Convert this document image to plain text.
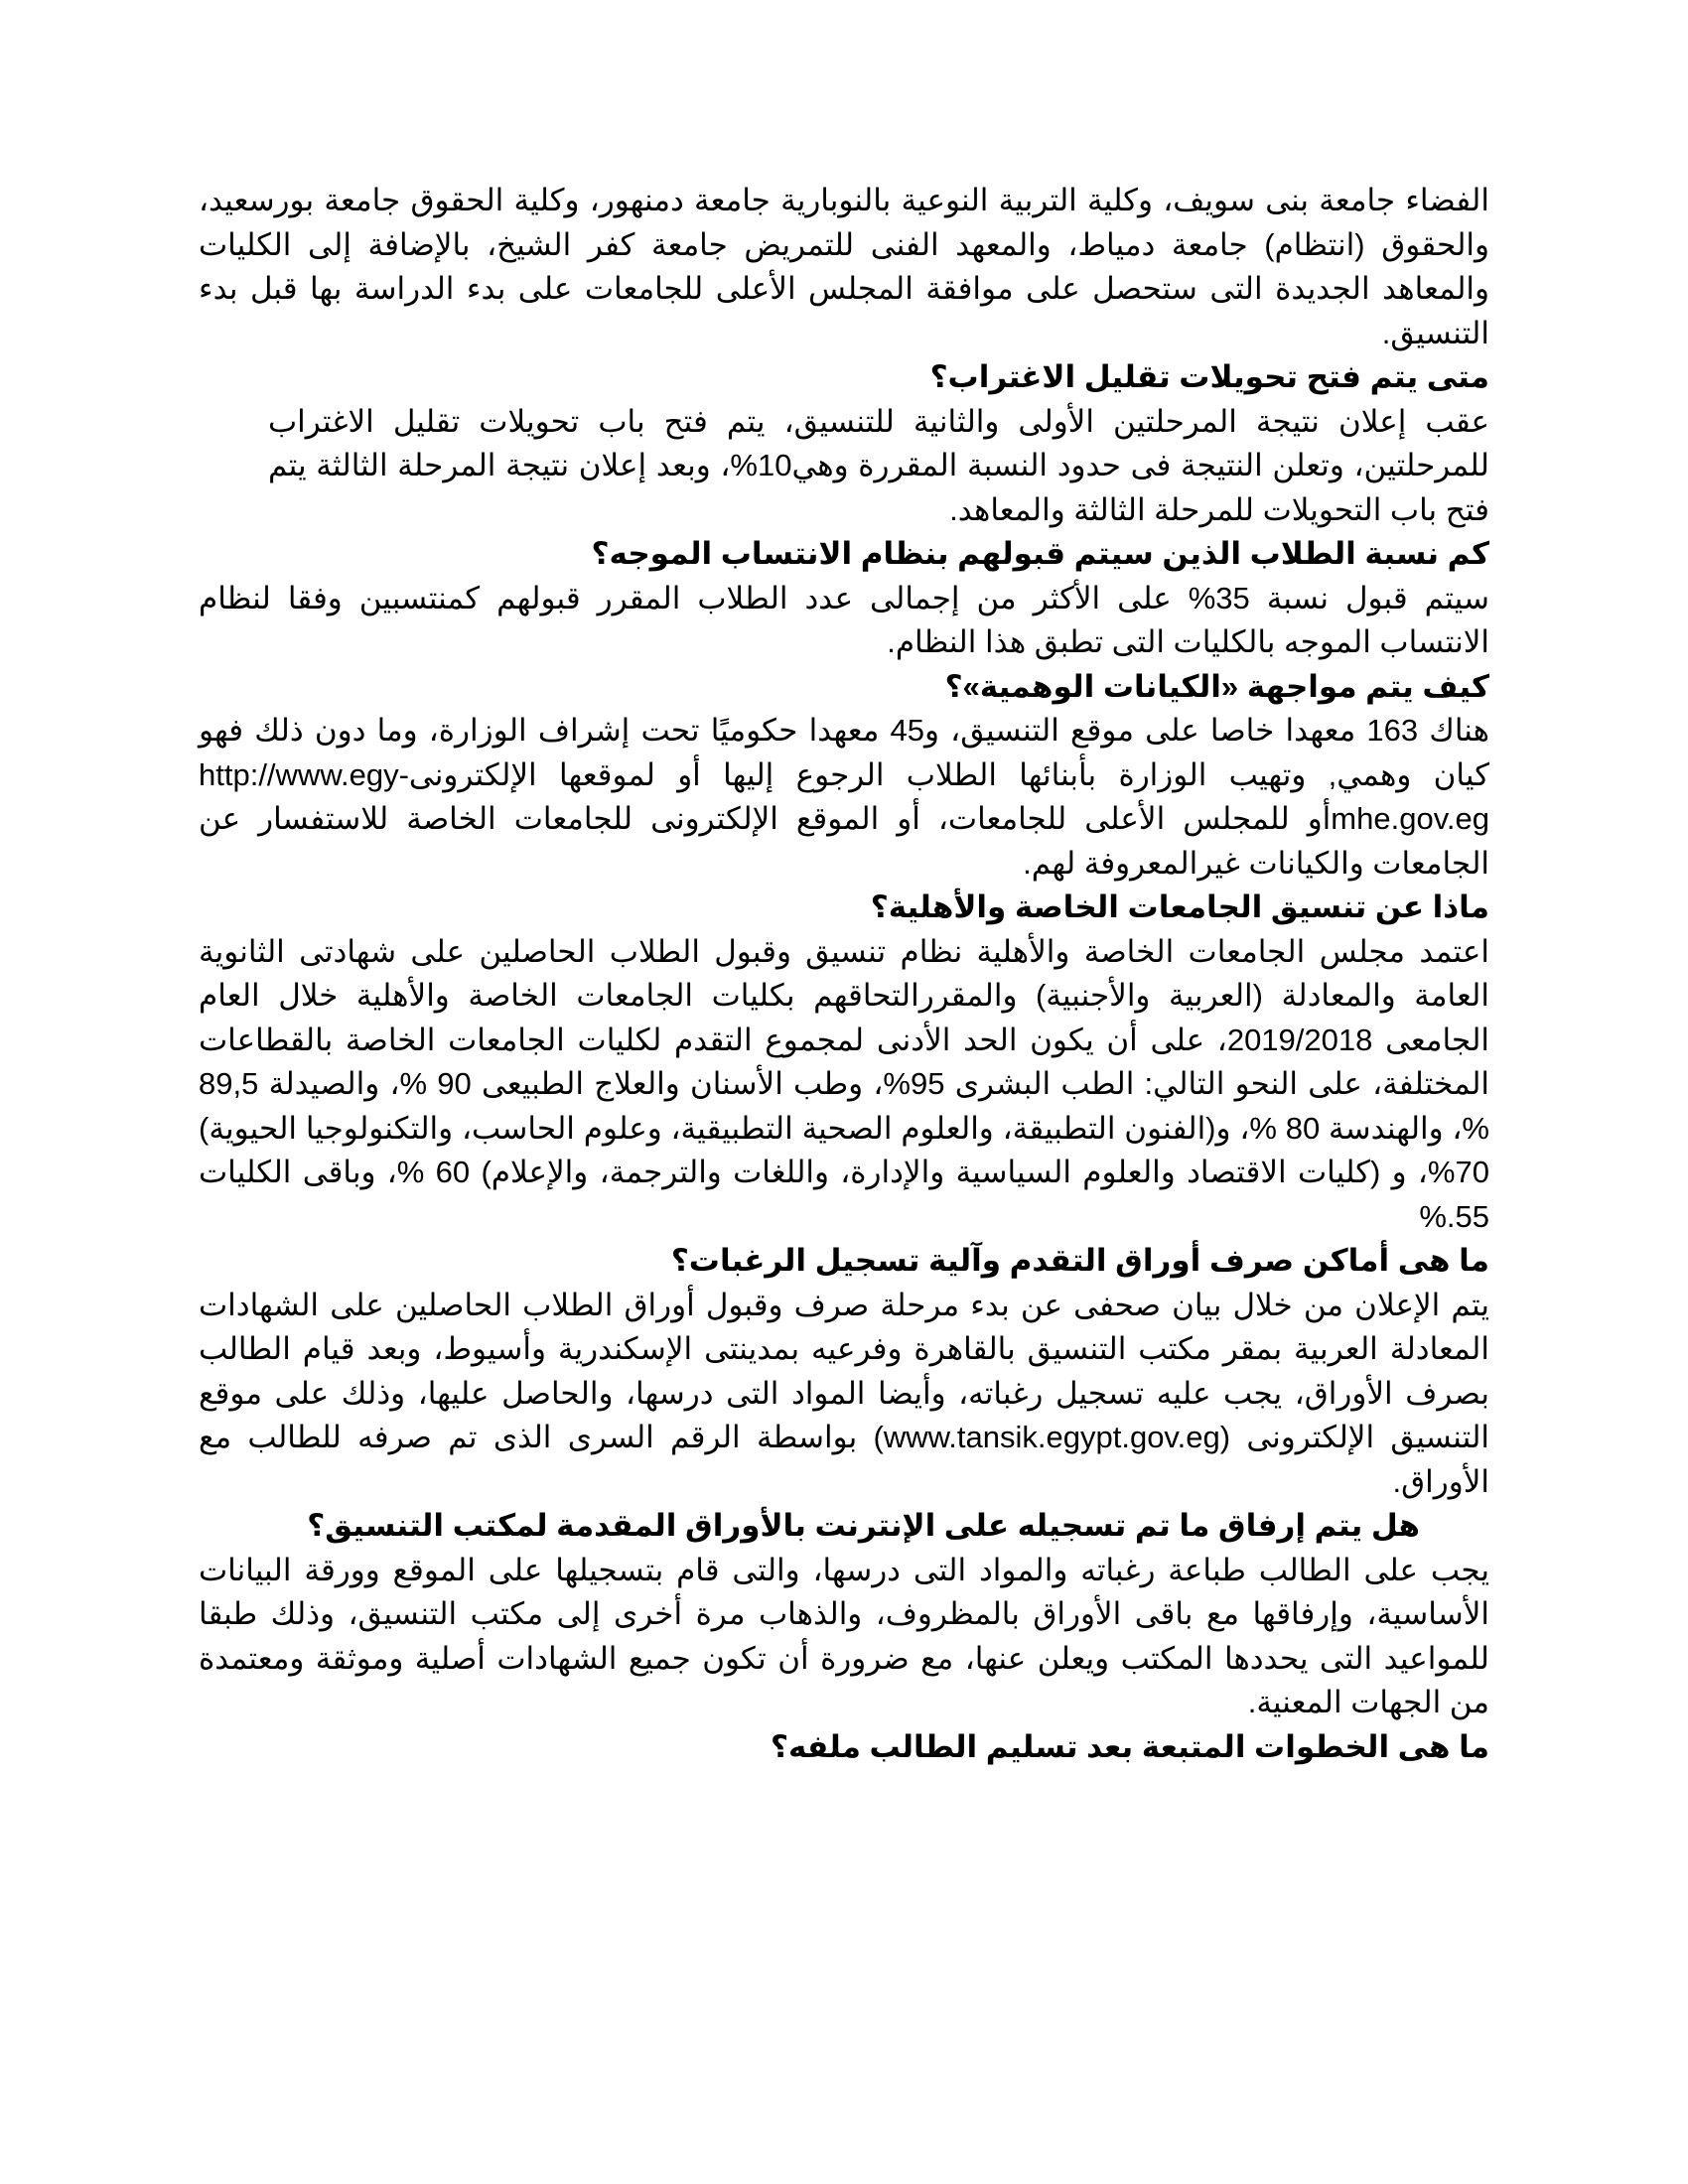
الفضاء جامعة بنى سويف، وكلية التربية النوعية بالنوبارية جامعة دمنهور، وكلية الحقوق جامعة بورسعيد، والحقوق (انتظام) جامعة دمياط، والمعهد الفنى للتمريض جامعة كفر الشيخ، بالإضافة إلى الكليات والمعاهد الجديدة التى ستحصل على موافقة المجلس الأعلى للجامعات على بدء الدراسة بها قبل بدء التنسيق.

متى يتم فتح تحويلات تقليل الاغتراب؟

عقب إعلان نتيجة المرحلتين الأولى والثانية للتنسيق، يتم فتح باب تحويلات تقليل الاغتراب للمرحلتين، وتعلن النتيجة فى حدود النسبة المقررة وهي10%، وبعد إعلان نتيجة المرحلة الثالثة يتم فتح باب التحويلات للمرحلة الثالثة والمعاهد.

كم نسبة الطلاب الذين سيتم قبولهم بنظام الانتساب الموجه؟

سيتم قبول نسبة 35% على الأكثر من إجمالى عدد الطلاب المقرر قبولهم كمنتسبين وفقا لنظام الانتساب الموجه بالكليات التى تطبق هذا النظام.

كيف يتم مواجهة «الكيانات الوهمية»؟

هناك 163 معهدا خاصا على موقع التنسيق، و45 معهدا حكوميًا تحت إشراف الوزارة، وما دون ذلك فهو كيان وهمي, وتهيب الوزارة بأبنائها الطلاب الرجوع إليها أو لموقعها الإلكترونى-http://www.egy mhe.gov.egأو للمجلس الأعلى للجامعات، أو الموقع الإلكترونى للجامعات الخاصة للاستفسار عن الجامعات والكيانات غيرالمعروفة لهم.

ماذا عن تنسيق الجامعات الخاصة والأهلية؟

اعتمد مجلس الجامعات الخاصة والأهلية نظام تنسيق وقبول الطلاب الحاصلين على شهادتى الثانوية العامة والمعادلة (العربية والأجنبية) والمقررالتحاقهم بكليات الجامعات الخاصة والأهلية خلال العام الجامعى 2019/2018، على أن يكون الحد الأدنى لمجموع التقدم لكليات الجامعات الخاصة بالقطاعات المختلفة، على النحو التالي: الطب البشرى 95%، وطب الأسنان والعلاج الطبيعى 90 %، والصيدلة 89,5 %، والهندسة 80 %، و(الفنون التطبيقة، والعلوم الصحية التطبيقية، وعلوم الحاسب، والتكنولوجيا الحيوية) 70%، و (كليات الاقتصاد والعلوم السياسية والإدارة، واللغات والترجمة، والإعلام) 60 %، وباقى الكليات 55.%

ما هى أماكن صرف أوراق التقدم وآلية تسجيل الرغبات؟

يتم الإعلان من خلال بيان صحفى عن بدء مرحلة صرف وقبول أوراق الطلاب الحاصلين على الشهادات المعادلة العربية بمقر مكتب التنسيق بالقاهرة وفرعيه بمدينتى الإسكندرية وأسيوط، وبعد قيام الطالب بصرف الأوراق، يجب عليه تسجيل رغباته، وأيضا المواد التى درسها، والحاصل عليها، وذلك على موقع التنسيق الإلكترونى (www.tansik.egypt.gov.eg) بواسطة الرقم السرى الذى تم صرفه للطالب مع الأوراق.

هل يتم إرفاق ما تم تسجيله على الإنترنت بالأوراق المقدمة لمكتب التنسيق؟

يجب على الطالب طباعة رغباته والمواد التى درسها، والتى قام بتسجيلها على الموقع وورقة البيانات الأساسية، وإرفاقها مع باقى الأوراق بالمظروف، والذهاب مرة أخرى إلى مكتب التنسيق، وذلك طبقا للمواعيد التى يحددها المكتب ويعلن عنها، مع ضرورة أن تكون جميع الشهادات أصلية وموثقة ومعتمدة من الجهات المعنية.

ما هى الخطوات المتبعة بعد تسليم الطالب ملفه؟
